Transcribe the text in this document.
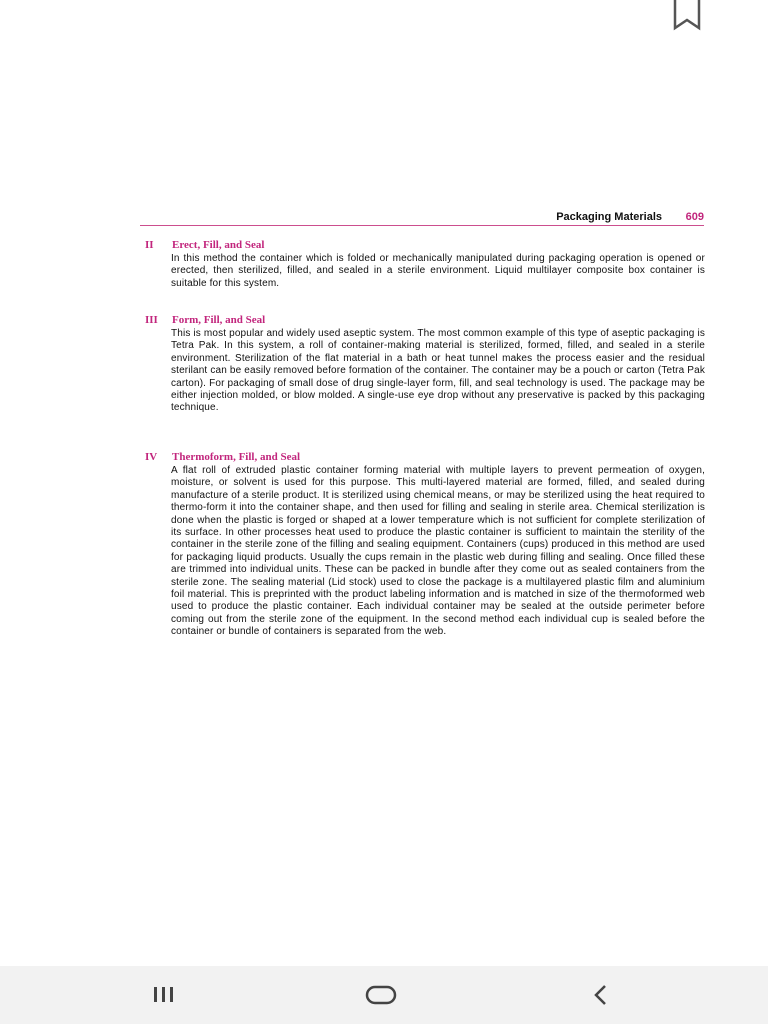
Packaging Materials 609
II Erect, Fill, and Seal
In this method the container which is folded or mechanically manipulated during packaging operation is opened or erected, then sterilized, filled, and sealed in a sterile environment. Liquid multilayer composite box container is suitable for this system.
III Form, Fill, and Seal
This is most popular and widely used aseptic system. The most common example of this type of aseptic packaging is Tetra Pak. In this system, a roll of container-making material is sterilized, formed, filled, and sealed in a sterile environment. Sterilization of the flat material in a bath or heat tunnel makes the process easier and the residual sterilant can be easily removed before formation of the container. The container may be a pouch or carton (Tetra Pak carton). For packaging of small dose of drug single-layer form, fill, and seal technology is used. The package may be either injection molded, or blow molded. A single-use eye drop without any preservative is packed by this packaging technique.
IV Thermoform, Fill, and Seal
A flat roll of extruded plastic container forming material with multiple layers to prevent permeation of oxygen, moisture, or solvent is used for this purpose. This multi-layered material are formed, filled, and sealed during manufacture of a sterile product. It is sterilized using chemical means, or may be sterilized using the heat required to thermo-form it into the container shape, and then used for filling and sealing in sterile area. Chemical sterilization is done when the plastic is forged or shaped at a lower temperature which is not sufficient for complete sterilization of its surface. In other processes heat used to produce the plastic container is sufficient to maintain the sterility of the container in the sterile zone of the filling and sealing equipment. Containers (cups) produced in this method are used for packaging liquid products. Usually the cups remain in the plastic web during filling and sealing. Once filled these are trimmed into individual units. These can be packed in bundle after they come out as sealed containers from the sterile zone. The sealing material (Lid stock) used to close the package is a multilayered plastic film and aluminium foil material. This is preprinted with the product labeling information and is matched in size of the thermoformed web used to produce the plastic container. Each individual container may be sealed at the outside perimeter before coming out from the sterile zone of the equipment. In the second method each individual cup is sealed before the container or bundle of containers is separated from the web.
